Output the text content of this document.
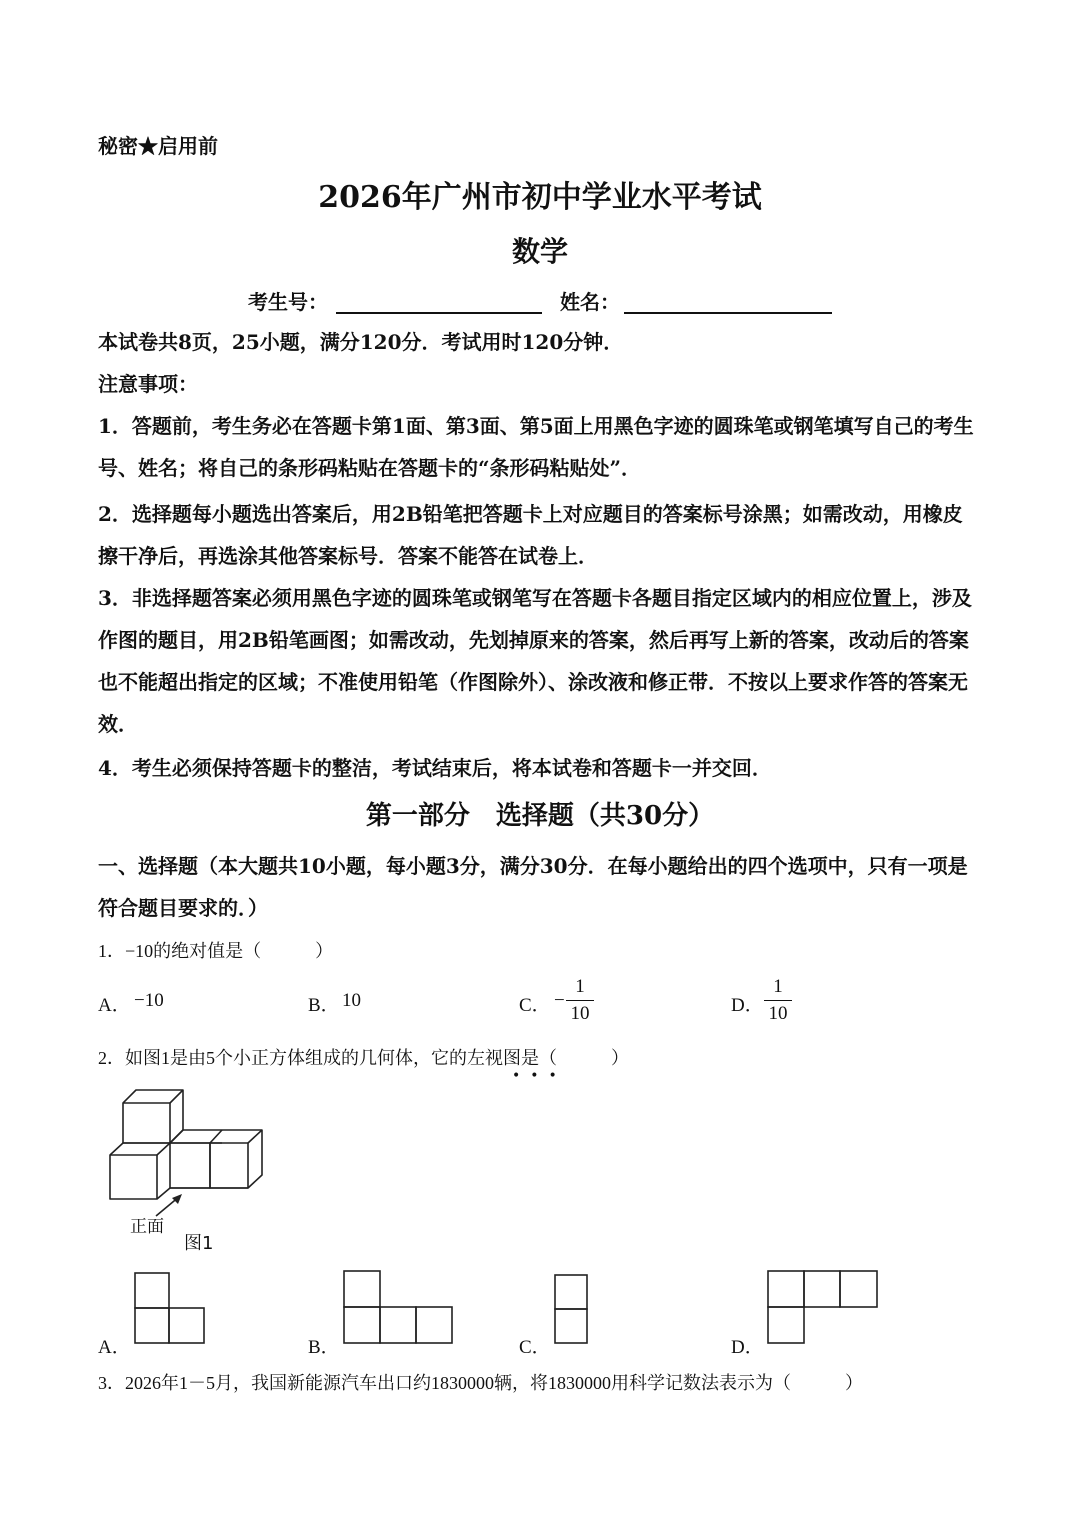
秘密★启用前
2026年广州市初中学业水平考试
数学
考生号：	姓名：
本试卷共8页，25小题，满分120分．考试用时120分钟．
注意事项：
1．答题前，考生务必在答题卡第1面、第3面、第5面上用黑色字迹的圆珠笔或钢笔填写自己的考生号、姓名；将自己的条形码粘贴在答题卡的“条形码粘贴处”．
2．选择题每小题选出答案后，用2B铅笔把答题卡上对应题目的答案标号涂黑；如需改动，用橡皮擦干净后，再选涂其他答案标号．答案不能答在试卷上．
3．非选择题答案必须用黑色字迹的圆珠笔或钢笔写在答题卡各题目指定区域内的相应位置上，涉及作图的题目，用2B铅笔画图；如需改动，先划掉原来的答案，然后再写上新的答案，改动后的答案也不能超出指定的区域；不准使用铅笔（作图除外）、涂改液和修正带．不按以上要求作答的答案无效．
4．考生必须保持答题卡的整洁，考试结束后，将本试卷和答题卡一并交回．
第一部分　选择题（共30分）
一、选择题（本大题共10小题，每小题3分，满分30分．在每小题给出的四个选项中，只有一项是符合题目要求的．）
1．−10的绝对值是（　　　）
A． −10	B． 10	C． −
1
10	D．
1
10
2．如图1是由5个小正方体组成的几何体，它的左视图是（　　　）
•••
正面
图1
A．	B．	C．	D．
3．2026年1－5月，我国新能源汽车出口约1830000辆，将1830000用科学记数法表示为（　　　）
